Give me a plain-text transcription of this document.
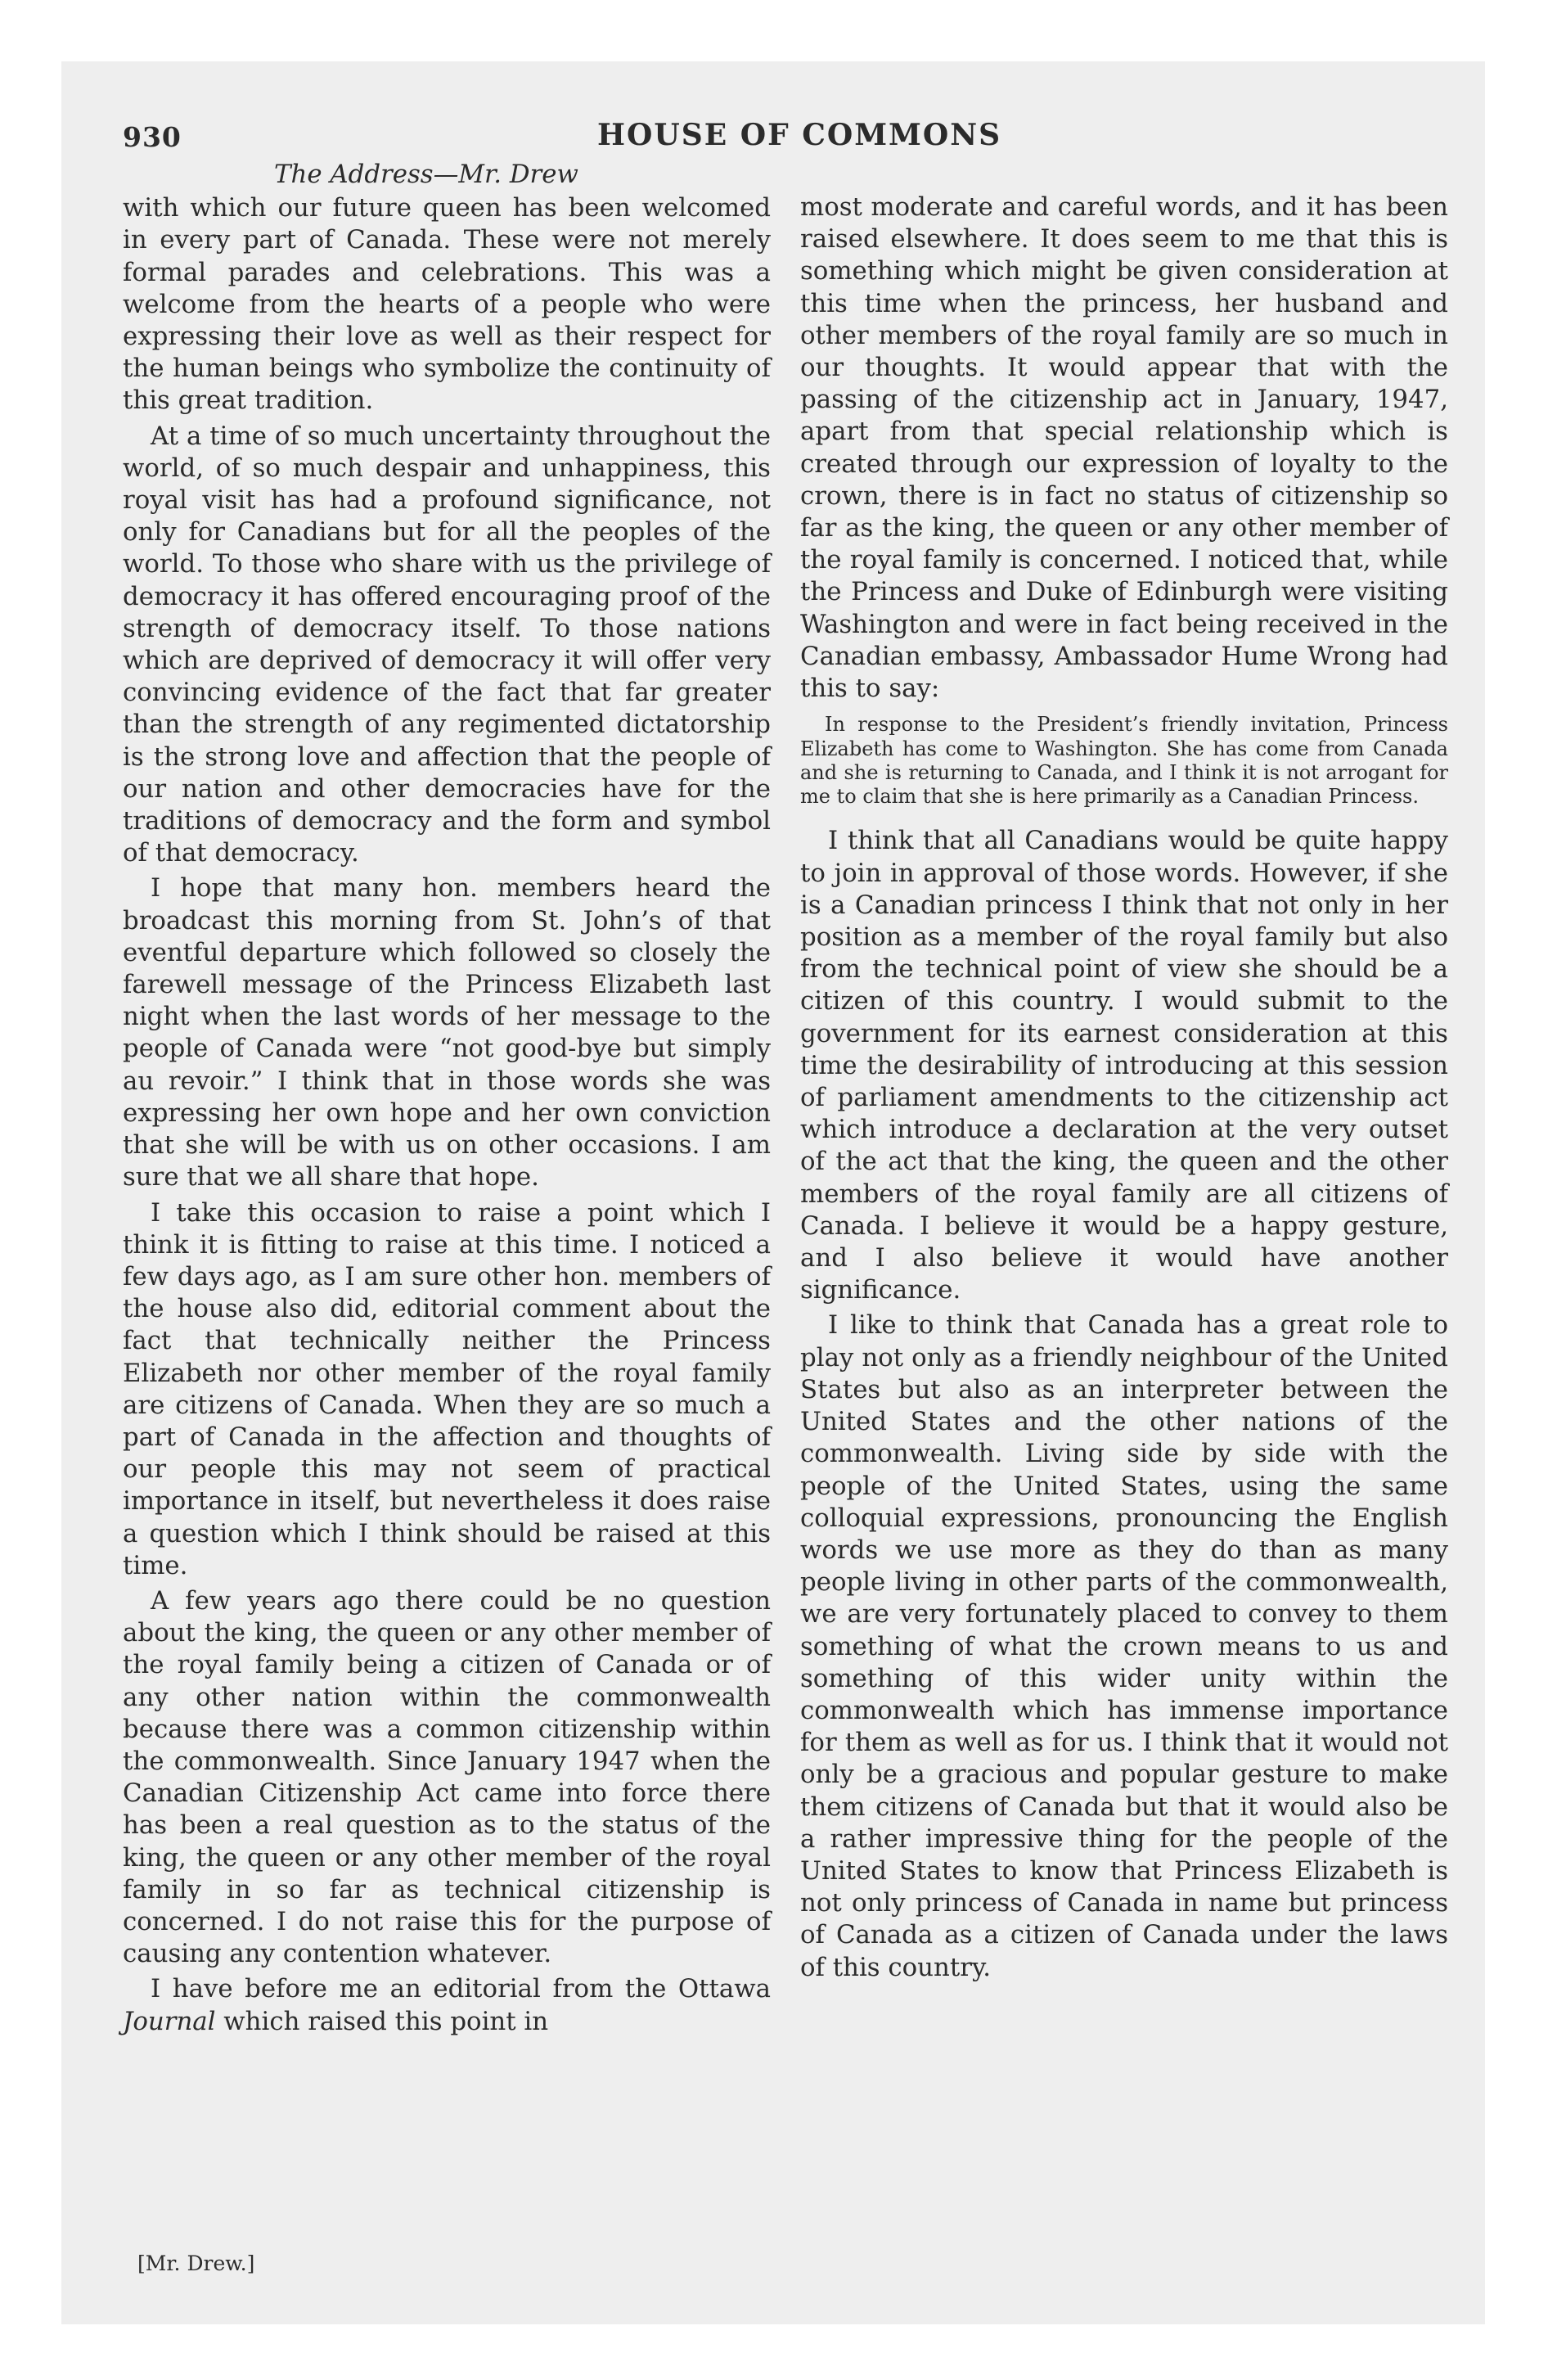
930	HOUSE OF COMMONS

The Address—Mr. Drew

with which our future queen has been welcomed in every part of Canada. These were not merely formal parades and celebrations. This was a welcome from the hearts of a people who were expressing their love as well as their respect for the human beings who symbolize the continuity of this great tradition.

At a time of so much uncertainty throughout the world, of so much despair and unhappiness, this royal visit has had a profound significance, not only for Canadians but for all the peoples of the world. To those who share with us the privilege of democracy it has offered encouraging proof of the strength of democracy itself. To those nations which are deprived of democracy it will offer very convincing evidence of the fact that far greater than the strength of any regimented dictatorship is the strong love and affection that the people of our nation and other democracies have for the traditions of democracy and the form and symbol of that democracy.

I hope that many hon. members heard the broadcast this morning from St. John’s of that eventful departure which followed so closely the farewell message of the Princess Elizabeth last night when the last words of her message to the people of Canada were “not good-bye but simply au revoir.” I think that in those words she was expressing her own hope and her own conviction that she will be with us on other occasions. I am sure that we all share that hope.

I take this occasion to raise a point which I think it is fitting to raise at this time. I noticed a few days ago, as I am sure other hon. members of the house also did, editorial comment about the fact that technically neither the Princess Elizabeth nor other member of the royal family are citizens of Canada. When they are so much a part of Canada in the affection and thoughts of our people this may not seem of practical importance in itself, but nevertheless it does raise a question which I think should be raised at this time.

A few years ago there could be no question about the king, the queen or any other member of the royal family being a citizen of Canada or of any other nation within the commonwealth because there was a common citizenship within the commonwealth. Since January 1947 when the Canadian Citizenship Act came into force there has been a real question as to the status of the king, the queen or any other member of the royal family in so far as technical citizenship is concerned. I do not raise this for the purpose of causing any contention whatever.

I have before me an editorial from the Ottawa Journal which raised this point in

most moderate and careful words, and it has been raised elsewhere. It does seem to me that this is something which might be given consideration at this time when the princess, her husband and other members of the royal family are so much in our thoughts. It would appear that with the passing of the citizenship act in January, 1947, apart from that special relationship which is created through our expression of loyalty to the crown, there is in fact no status of citizenship so far as the king, the queen or any other member of the royal family is concerned. I noticed that, while the Princess and Duke of Edinburgh were visiting Washington and were in fact being received in the Canadian embassy, Ambassador Hume Wrong had this to say:

In response to the President’s friendly invitation, Princess Elizabeth has come to Washington. She has come from Canada and she is returning to Canada, and I think it is not arrogant for me to claim that she is here primarily as a Canadian Princess.

I think that all Canadians would be quite happy to join in approval of those words. However, if she is a Canadian princess I think that not only in her position as a member of the royal family but also from the technical point of view she should be a citizen of this country. I would submit to the government for its earnest consideration at this time the desirability of introducing at this session of parliament amendments to the citizenship act which introduce a declaration at the very outset of the act that the king, the queen and the other members of the royal family are all citizens of Canada. I believe it would be a happy gesture, and I also believe it would have another significance.

I like to think that Canada has a great role to play not only as a friendly neighbour of the United States but also as an interpreter between the United States and the other nations of the commonwealth. Living side by side with the people of the United States, using the same colloquial expressions, pronouncing the English words we use more as they do than as many people living in other parts of the commonwealth, we are very fortunately placed to convey to them something of what the crown means to us and something of this wider unity within the commonwealth which has immense importance for them as well as for us. I think that it would not only be a gracious and popular gesture to make them citizens of Canada but that it would also be a rather impressive thing for the people of the United States to know that Princess Elizabeth is not only princess of Canada in name but princess of Canada as a citizen of Canada under the laws of this country.

[Mr. Drew.]
